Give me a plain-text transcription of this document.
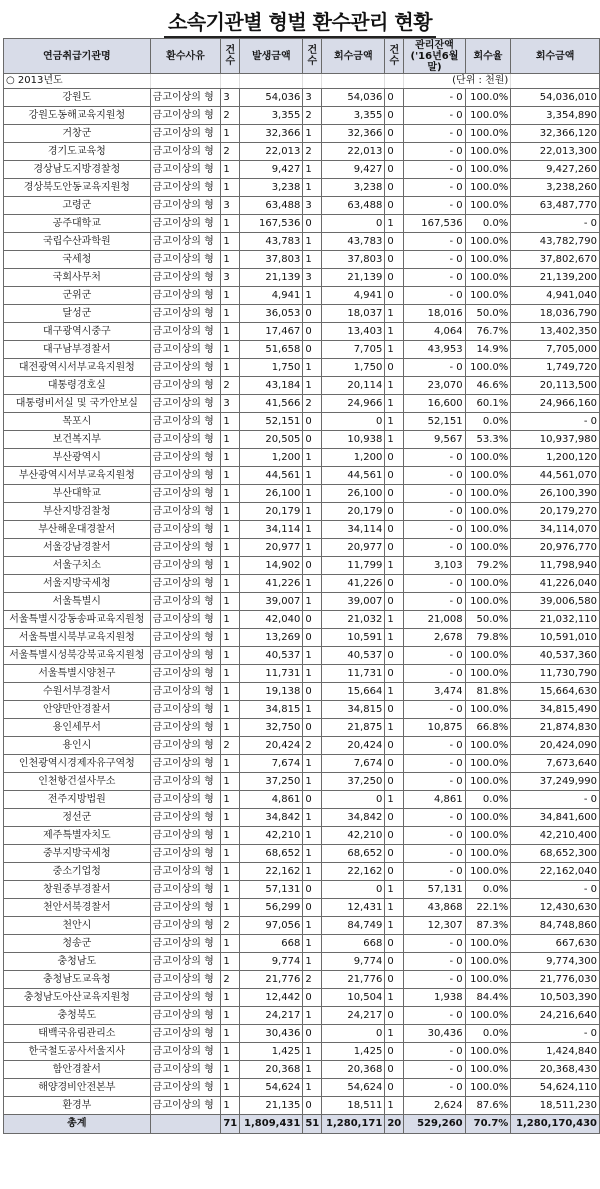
소속기관별 형벌 환수관리 현황
○ 2013년도							(단위 : 천원)		
연금취급기관명	환수사유	건수	발생금액	건수	회수금액	건수	관리잔액 ('16년6월말)	회수율	회수금액
강원도	금고이상의 형	3	54,036	3	54,036	0	- 0	100.0%	54,036,010
강원도동해교육지원청	금고이상의 형	2	3,355	2	3,355	0	- 0	100.0%	3,354,890
거창군	금고이상의 형	1	32,366	1	32,366	0	- 0	100.0%	32,366,120
경기도교육청	금고이상의 형	2	22,013	2	22,013	0	- 0	100.0%	22,013,300
경상남도지방경찰청	금고이상의 형	1	9,427	1	9,427	0	- 0	100.0%	9,427,260
경상북도안동교육지원청	금고이상의 형	1	3,238	1	3,238	0	- 0	100.0%	3,238,260
고령군	금고이상의 형	3	63,488	3	63,488	0	- 0	100.0%	63,487,770
공주대학교	금고이상의 형	1	167,536	0	0	1	167,536	0.0%	- 0
국립수산과학원	금고이상의 형	1	43,783	1	43,783	0	- 0	100.0%	43,782,790
국세청	금고이상의 형	1	37,803	1	37,803	0	- 0	100.0%	37,802,670
국회사무처	금고이상의 형	3	21,139	3	21,139	0	- 0	100.0%	21,139,200
군위군	금고이상의 형	1	4,941	1	4,941	0	- 0	100.0%	4,941,040
달성군	금고이상의 형	1	36,053	0	18,037	1	18,016	50.0%	18,036,790
대구광역시중구	금고이상의 형	1	17,467	0	13,403	1	4,064	76.7%	13,402,350
대구남부경찰서	금고이상의 형	1	51,658	0	7,705	1	43,953	14.9%	7,705,000
대전광역시서부교육지원청	금고이상의 형	1	1,750	1	1,750	0	- 0	100.0%	1,749,720
대통령경호실	금고이상의 형	2	43,184	1	20,114	1	23,070	46.6%	20,113,500
대통령비서실 및 국가안보실	금고이상의 형	3	41,566	2	24,966	1	16,600	60.1%	24,966,160
목포시	금고이상의 형	1	52,151	0	0	1	52,151	0.0%	- 0
보건복지부	금고이상의 형	1	20,505	0	10,938	1	9,567	53.3%	10,937,980
부산광역시	금고이상의 형	1	1,200	1	1,200	0	- 0	100.0%	1,200,120
부산광역시서부교육지원청	금고이상의 형	1	44,561	1	44,561	0	- 0	100.0%	44,561,070
부산대학교	금고이상의 형	1	26,100	1	26,100	0	- 0	100.0%	26,100,390
부산지방검찰청	금고이상의 형	1	20,179	1	20,179	0	- 0	100.0%	20,179,270
부산해운대경찰서	금고이상의 형	1	34,114	1	34,114	0	- 0	100.0%	34,114,070
서울강남경찰서	금고이상의 형	1	20,977	1	20,977	0	- 0	100.0%	20,976,770
서울구치소	금고이상의 형	1	14,902	0	11,799	1	3,103	79.2%	11,798,940
서울지방국세청	금고이상의 형	1	41,226	1	41,226	0	- 0	100.0%	41,226,040
서울특별시	금고이상의 형	1	39,007	1	39,007	0	- 0	100.0%	39,006,580
서울특별시강동송파교육지원청	금고이상의 형	1	42,040	0	21,032	1	21,008	50.0%	21,032,110
서울특별시북부교육지원청	금고이상의 형	1	13,269	0	10,591	1	2,678	79.8%	10,591,010
서울특별시성북강북교육지원청	금고이상의 형	1	40,537	1	40,537	0	- 0	100.0%	40,537,360
서울특별시양천구	금고이상의 형	1	11,731	1	11,731	0	- 0	100.0%	11,730,790
수원서부경찰서	금고이상의 형	1	19,138	0	15,664	1	3,474	81.8%	15,664,630
안양만안경찰서	금고이상의 형	1	34,815	1	34,815	0	- 0	100.0%	34,815,490
용인세무서	금고이상의 형	1	32,750	0	21,875	1	10,875	66.8%	21,874,830
용인시	금고이상의 형	2	20,424	2	20,424	0	- 0	100.0%	20,424,090
인천광역시경제자유구역청	금고이상의 형	1	7,674	1	7,674	0	- 0	100.0%	7,673,640
인천항건설사무소	금고이상의 형	1	37,250	1	37,250	0	- 0	100.0%	37,249,990
전주지방법원	금고이상의 형	1	4,861	0	0	1	4,861	0.0%	- 0
정선군	금고이상의 형	1	34,842	1	34,842	0	- 0	100.0%	34,841,600
제주특별자치도	금고이상의 형	1	42,210	1	42,210	0	- 0	100.0%	42,210,400
중부지방국세청	금고이상의 형	1	68,652	1	68,652	0	- 0	100.0%	68,652,300
중소기업청	금고이상의 형	1	22,162	1	22,162	0	- 0	100.0%	22,162,040
창원중부경찰서	금고이상의 형	1	57,131	0	0	1	57,131	0.0%	- 0
천안서북경찰서	금고이상의 형	1	56,299	0	12,431	1	43,868	22.1%	12,430,630
천안시	금고이상의 형	2	97,056	1	84,749	1	12,307	87.3%	84,748,860
청송군	금고이상의 형	1	668	1	668	0	- 0	100.0%	667,630
충청남도	금고이상의 형	1	9,774	1	9,774	0	- 0	100.0%	9,774,300
충청남도교육청	금고이상의 형	2	21,776	2	21,776	0	- 0	100.0%	21,776,030
충청남도아산교육지원청	금고이상의 형	1	12,442	0	10,504	1	1,938	84.4%	10,503,390
충청북도	금고이상의 형	1	24,217	1	24,217	0	- 0	100.0%	24,216,640
태백국유림관리소	금고이상의 형	1	30,436	0	0	1	30,436	0.0%	- 0
한국철도공사서울지사	금고이상의 형	1	1,425	1	1,425	0	- 0	100.0%	1,424,840
함안경찰서	금고이상의 형	1	20,368	1	20,368	0	- 0	100.0%	20,368,430
해양경비안전본부	금고이상의 형	1	54,624	1	54,624	0	- 0	100.0%	54,624,110
환경부	금고이상의 형	1	21,135	0	18,511	1	2,624	87.6%	18,511,230
총계		71	1,809,431	51	1,280,171	20	529,260	70.7%	1,280,170,430
